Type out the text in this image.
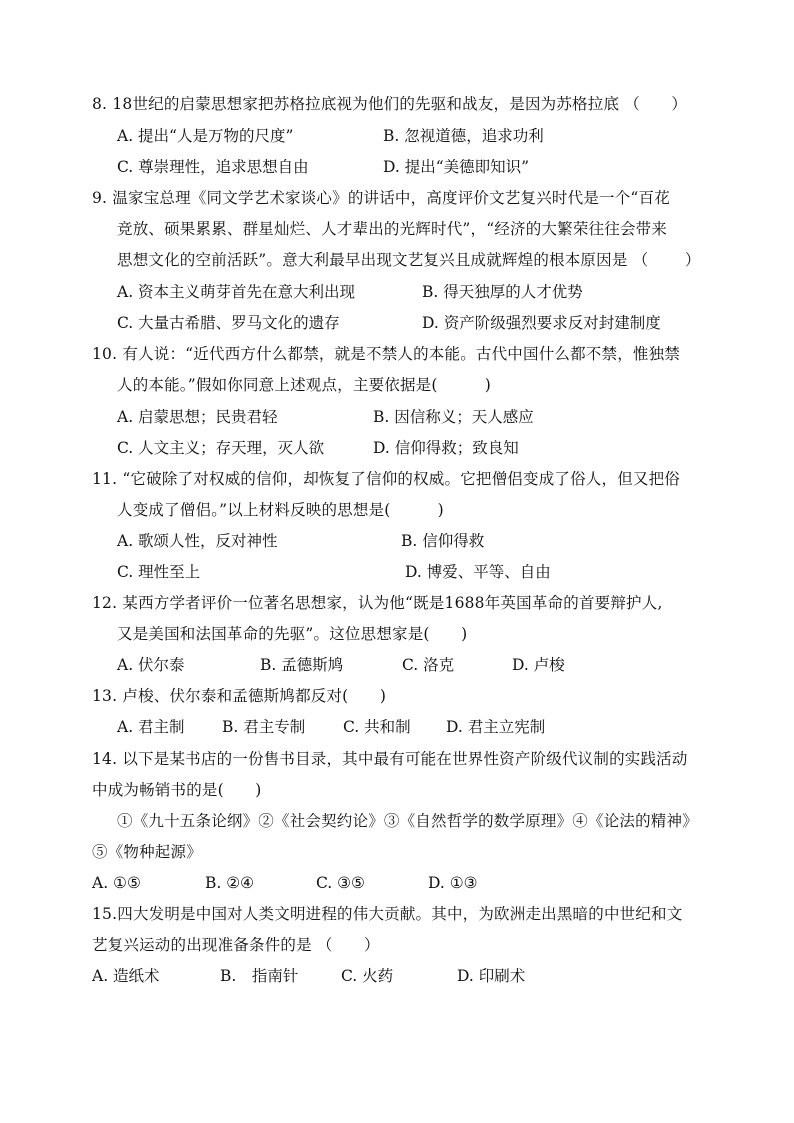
8. 18世纪的启蒙思想家把苏格拉底视为他们的先驱和战友，是因为苏格拉底 （　　）
A. 提出“人是万物的尺度”	B. 忽视道德，追求功利
C. 尊崇理性，追求思想自由	D. 提出“美德即知识”
9. 温家宝总理《同文学艺术家谈心》的讲话中，高度评价文艺复兴时代是一个“百花
竞放、硕果累累、群星灿烂、人才辈出的光辉时代”，“经济的大繁荣往往会带来
思想文化的空前活跃”。意大利最早出现文艺复兴且成就辉煌的根本原因是 （　　 ）
A. 资本主义萌芽首先在意大利出现	B. 得天独厚的人才优势
C. 大量古希腊、罗马文化的遗存	D. 资产阶级强烈要求反对封建制度
10. 有人说：“近代西方什么都禁，就是不禁人的本能。古代中国什么都不禁，惟独禁
人的本能。”假如你同意上述观点，主要依据是(　　　)
A. 启蒙思想；民贵君轻	B. 因信称义；天人感应
C. 人文主义；存天理，灭人欲	D. 信仰得救；致良知
11. “它破除了对权威的信仰，却恢复了信仰的权威。它把僧侣变成了俗人，但又把俗
人变成了僧侣。”以上材料反映的思想是(　　　)
A. 歌颂人性，反对神性	B. 信仰得救
C. 理性至上	D. 博爱、平等、自由
12. 某西方学者评价一位著名思想家，认为他“既是1688年英国革命的首要辩护人,
又是美国和法国革命的先驱”。这位思想家是(　　)
A. 伏尔泰	B. 孟德斯鸠	C. 洛克	D. 卢梭
13. 卢梭、伏尔泰和孟德斯鸠都反对(　　)
A. 君主制 B. 君主专制 C. 共和制 D. 君主立宪制
14. 以下是某书店的一份售书目录，其中最有可能在世界性资产阶级代议制的实践活动
中成为畅销书的是(　　)
①《九十五条论纲》②《社会契约论》③《自然哲学的数学原理》④《论法的精神》
⑤《物种起源》
A. ①⑤	B. ②④	C. ③⑤	D. ①③
15.四大发明是中国对人类文明进程的伟大贡献。其中，为欧洲走出黑暗的中世纪和文
艺复兴运动的出现准备条件的是 （　　）
A. 造纸术	B.　指南针	C. 火药	D. 印刷术
